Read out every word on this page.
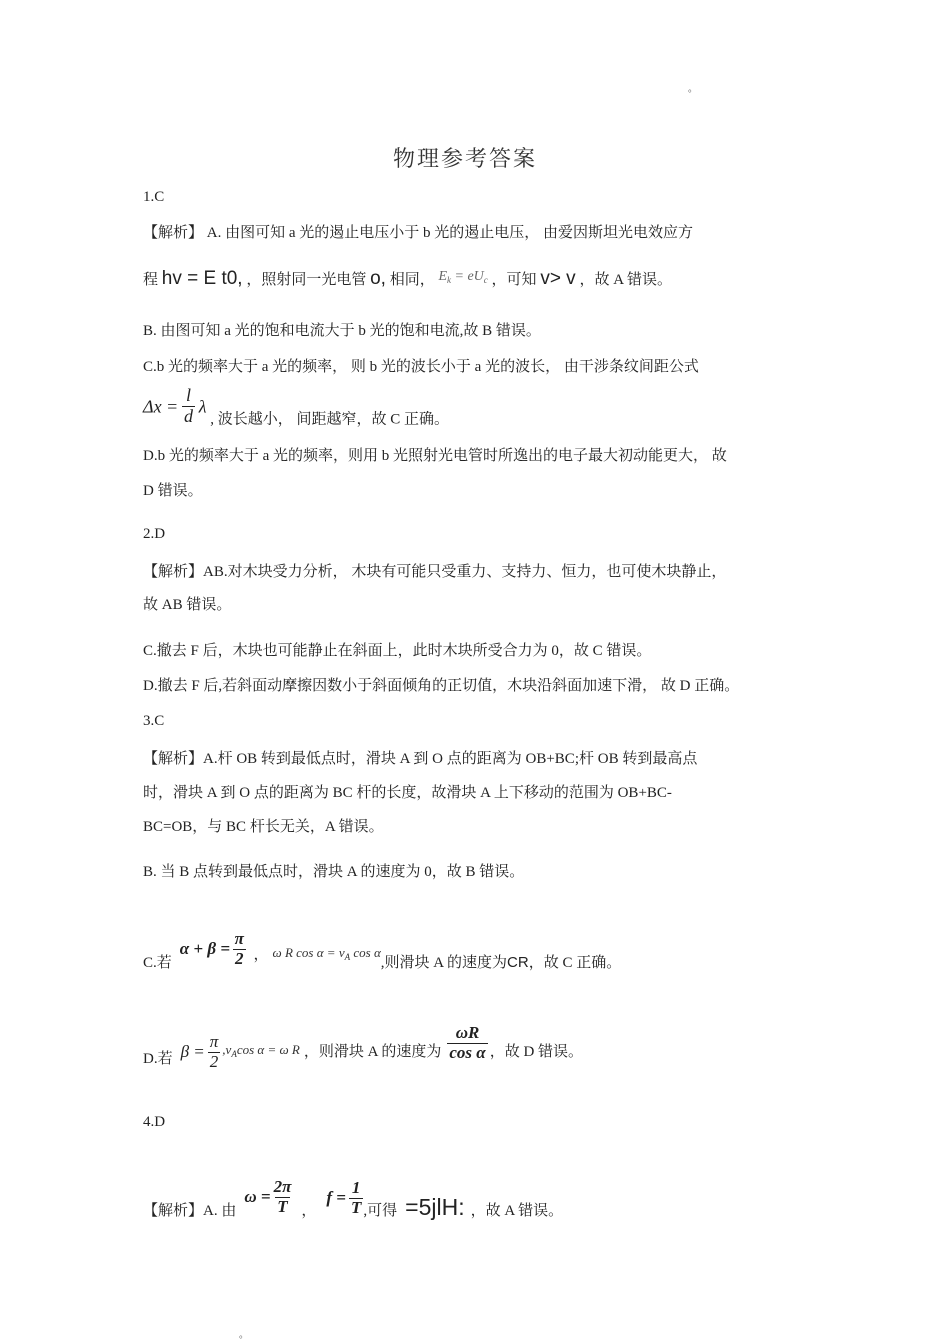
°
物理参考答案
1.C
【解析】 A. 由图可知 a 光的遏止电压小于 b 光的遏止电压， 由爱因斯坦光电效应方
程 hv = E t0, ，照射同一光电管 o, 相同， $E_k = eU_c$ ，可知 v> v ，故 A 错误。
B. 由图可知 a 光的饱和电流大于 b 光的饱和电流,故 B 错误。
C.b 光的频率大于 a 光的频率， 则 b 光的波长小于 a 光的波长， 由干涉条纹间距公式
$\Delta x = \frac{l}{d}$ λ , 波长越小， 间距越窄，故 C 正确。
D.b 光的频率大于 a 光的频率，则用 b 光照射光电管时所逸出的电子最大初动能更大， 故
D 错误。
2.D
【解析】AB.对木块受力分析， 木块有可能只受重力、支持力、恒力，也可使木块静止，
故 AB 错误。
C.撤去 F 后，木块也可能静止在斜面上，此时木块所受合力为 0，故 C 错误。
D.撤去 F 后,若斜面动摩擦因数小于斜面倾角的正切值，木块沿斜面加速下滑， 故 D 正确。
3.C
【解析】A.杆 OB 转到最低点时，滑块 A 到 O 点的距离为 OB+BC;杆 OB 转到最高点
时，滑块 A 到 O 点的距离为 BC 杆的长度，故滑块 A 上下移动的范围为 OB+BC-
BC=OB，与 BC 杆长无关，A 错误。
B. 当 B 点转到最低点时，滑块 A 的速度为 0，故 B 错误。
C.若
$\alpha + \beta = \frac{\pi}{2}$ ， ω R $\cos \alpha = v_A$ cos α
,则滑块 A 的速度为 CR ，故 C 正确。
D.若 $\beta = \frac{\pi}{2} ,v_A\cos$ α = ω R ，则滑块 A 的速度为 $\frac{\omega R}{\text{cos α}}$ ，故 D 错误。
4.D
【解析】A. 由
$\omega = \frac{2\pi}{T}$ ，
$f = \frac{1}{T}$ ,可得 =5jlH: ，故 A 错误。
°
